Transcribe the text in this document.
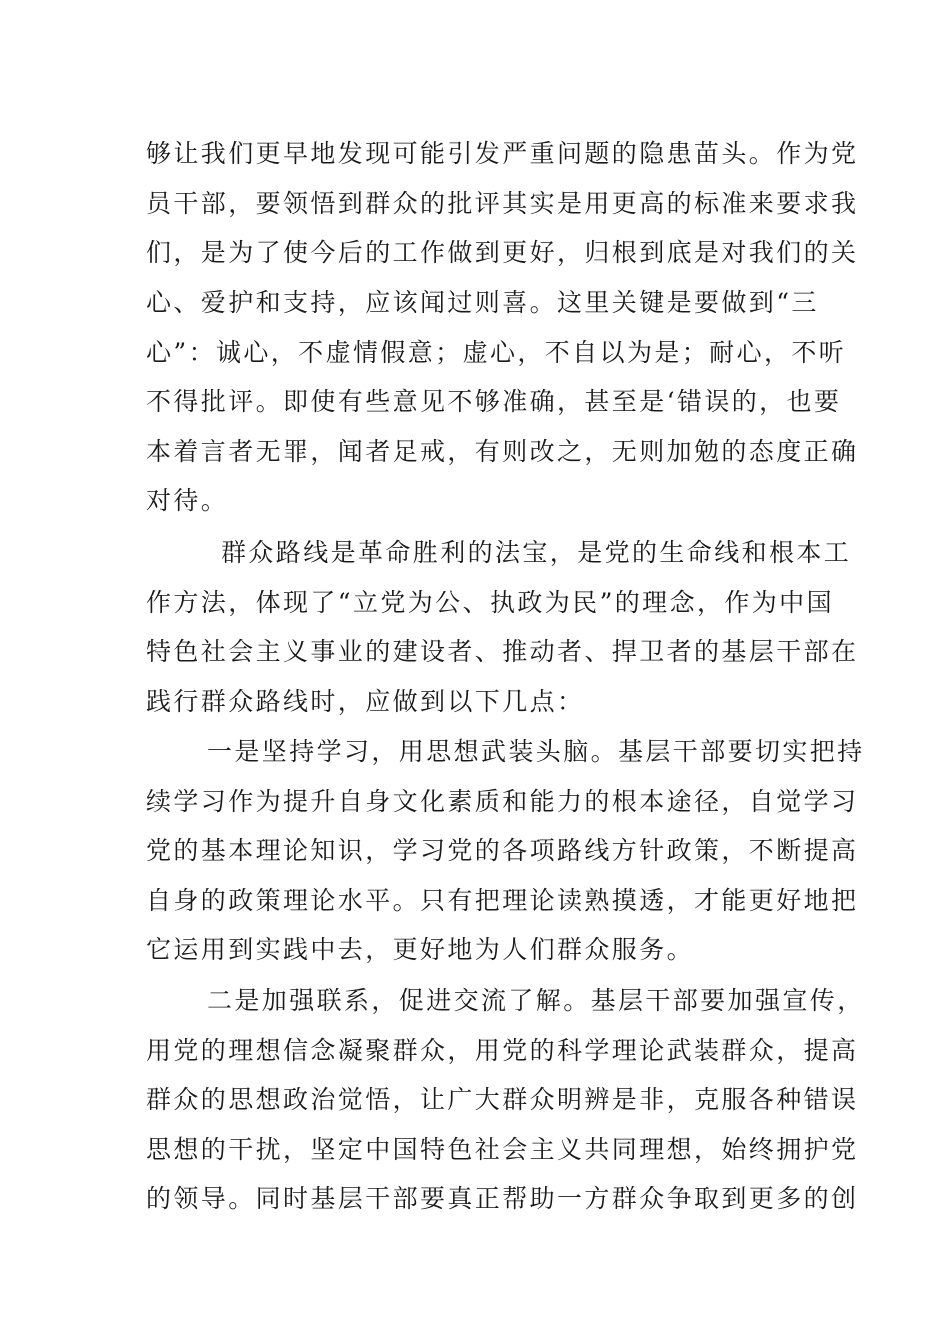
够让我们更早地发现可能引发严重问题的隐患苗头。作为党
员干部，要领悟到群众的批评其实是用更高的标准来要求我
们，是为了使今后的工作做到更好，归根到底是对我们的关
心、爱护和支持，应该闻过则喜。这里关键是要做到“三
心”：诚心，不虚情假意；虚心，不自以为是；耐心，不听
不得批评。即使有些意见不够准确，甚至是‘错误的，也要
本着言者无罪，闻者足戒，有则改之，无则加勉的态度正确
对待。
群众路线是革命胜利的法宝，是党的生命线和根本工
作方法，体现了“立党为公、执政为民”的理念，作为中国
特色社会主义事业的建设者、推动者、捍卫者的基层干部在
践行群众路线时，应做到以下几点：
一是坚持学习，用思想武装头脑。基层干部要切实把持
续学习作为提升自身文化素质和能力的根本途径，自觉学习
党的基本理论知识，学习党的各项路线方针政策，不断提高
自身的政策理论水平。只有把理论读熟摸透，才能更好地把
它运用到实践中去，更好地为人们群众服务。
二是加强联系，促进交流了解。基层干部要加强宣传，
用党的理想信念凝聚群众，用党的科学理论武装群众，提高
群众的思想政治觉悟，让广大群众明辨是非，克服各种错误
思想的干扰，坚定中国特色社会主义共同理想，始终拥护党
的领导。同时基层干部要真正帮助一方群众争取到更多的创
